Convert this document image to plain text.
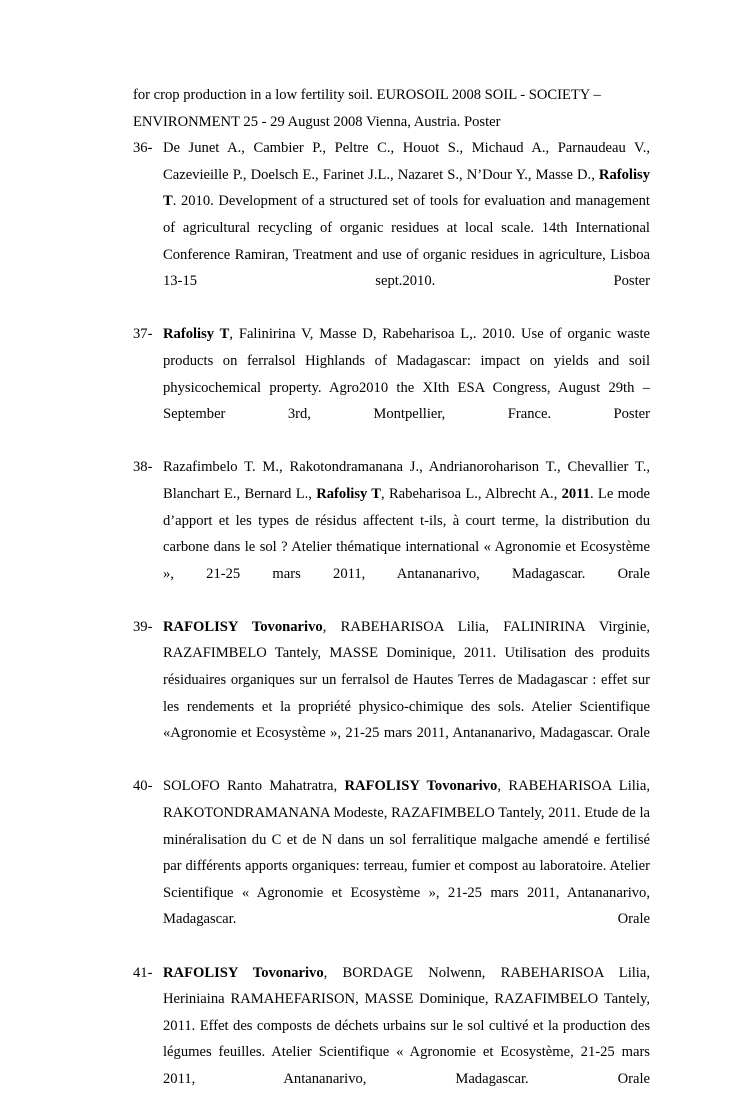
for crop production in a low fertility soil. EUROSOIL 2008 SOIL - SOCIETY –
ENVIRONMENT 25 - 29 August 2008 Vienna, Austria. Poster
36- De Junet A., Cambier P., Peltre C., Houot S., Michaud A., Parnaudeau V., Cazevieille P., Doelsch E., Farinet J.L., Nazaret S., N’Dour Y., Masse D., Rafolisy T. 2010. Development of a structured set of tools for evaluation and management of agricultural recycling of organic residues at local scale. 14th International Conference Ramiran, Treatment and use of organic residues in agriculture, Lisboa 13-15 sept.2010. Poster
37- Rafolisy T, Falinirina V, Masse D, Rabeharisoa L,. 2010. Use of organic waste products on ferralsol Highlands of Madagascar: impact on yields and soil physicochemical property. Agro2010 the XIth ESA Congress, August 29th – September 3rd, Montpellier, France. Poster
38- Razafimbelo T. M., Rakotondramanana J., Andrianoroharison T., Chevallier T., Blanchart E., Bernard L., Rafolisy T, Rabeharisoa L., Albrecht A., 2011. Le mode d’apport et les types de résidus affectent t-ils, à court terme, la distribution du carbone dans le sol ? Atelier thématique international « Agronomie et Ecosystème », 21-25 mars 2011, Antananarivo, Madagascar. Orale
39- RAFOLISY Tovonarivo, RABEHARISOA Lilia, FALINIRINA Virginie, RAZAFIMBELO Tantely, MASSE Dominique, 2011. Utilisation des produits résiduaires organiques sur un ferralsol de Hautes Terres de Madagascar : effet sur les rendements et la propriété physico-chimique des sols. Atelier Scientifique «Agronomie et Ecosystème », 21-25 mars 2011, Antananarivo, Madagascar. Orale
40- SOLOFO Ranto Mahatratra, RAFOLISY Tovonarivo, RABEHARISOA Lilia, RAKOTONDRAMANANA Modeste, RAZAFIMBELO Tantely, 2011. Etude de la minéralisation du C et de N dans un sol ferralitique malgache amendé e fertilisé par différents apports organiques: terreau, fumier et compost au laboratoire. Atelier Scientifique « Agronomie et Ecosystème », 21-25 mars 2011, Antananarivo, Madagascar. Orale
41- RAFOLISY Tovonarivo, BORDAGE Nolwenn, RABEHARISOA Lilia, Heriniaina RAMAHEFARISON, MASSE Dominique, RAZAFIMBELO Tantely, 2011. Effet des composts de déchets urbains sur le sol cultivé et la production des légumes feuilles. Atelier Scientifique « Agronomie et Ecosystème, 21-25 mars 2011, Antananarivo, Madagascar. Orale
